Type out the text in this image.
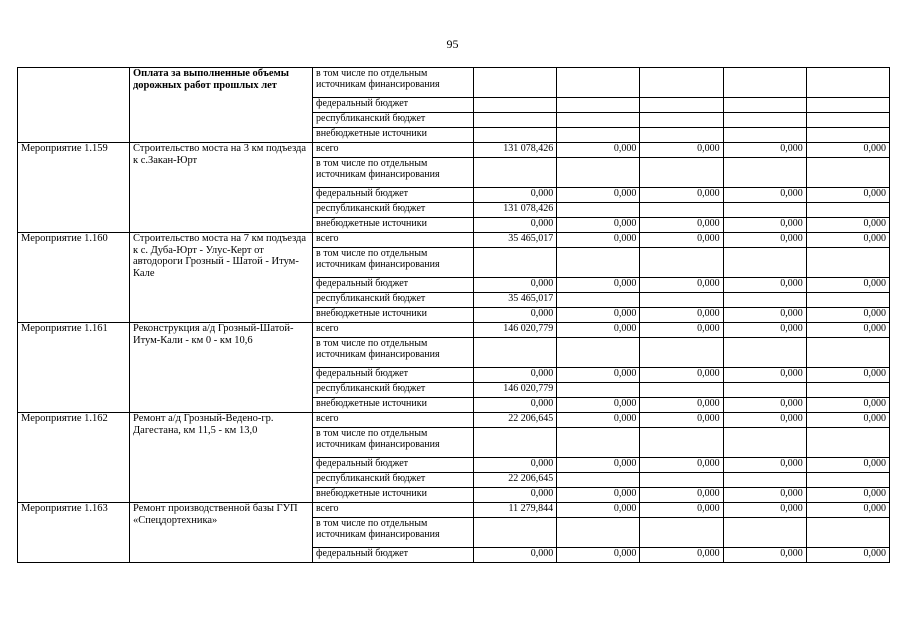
95
	Оплата за выполненные объемы дорожных работ прошлых лет	в том числе по отдельным источникам финансирования					
		федеральный бюджет					
		республиканский бюджет					
		внебюджетные источники					
Мероприятие 1.159	Строительство моста на 3 км подъезда к с.Закан-Юрт	всего	131 078,426	0,000	0,000	0,000	0,000
		в том числе по отдельным источникам финансирования					
		федеральный бюджет	0,000	0,000	0,000	0,000	0,000
		республиканский бюджет	131 078,426				
		внебюджетные источники	0,000	0,000	0,000	0,000	0,000
Мероприятие 1.160	Строительство моста на 7 км подъезда к с. Дуба-Юрт - Улус-Керт от автодороги Грозный - Шатой - Итум-Кале	всего	35 465,017	0,000	0,000	0,000	0,000
		в том числе по отдельным источникам финансирования					
		федеральный бюджет	0,000	0,000	0,000	0,000	0,000
		республиканский бюджет	35 465,017				
		внебюджетные источники	0,000	0,000	0,000	0,000	0,000
Мероприятие 1.161	Реконструкция а/д Грозный-Шатой-Итум-Кали - км 0 - км 10,6	всего	146 020,779	0,000	0,000	0,000	0,000
		в том числе по отдельным источникам финансирования					
		федеральный бюджет	0,000	0,000	0,000	0,000	0,000
		республиканский бюджет	146 020,779				
		внебюджетные источники	0,000	0,000	0,000	0,000	0,000
Мероприятие 1.162	Ремонт а/д Грозный-Ведено-гр. Дагестана, км 11,5 - км 13,0	всего	22 206,645	0,000	0,000	0,000	0,000
		в том числе по отдельным источникам финансирования					
		федеральный бюджет	0,000	0,000	0,000	0,000	0,000
		республиканский бюджет	22 206,645				
		внебюджетные источники	0,000	0,000	0,000	0,000	0,000
Мероприятие 1.163	Ремонт производственной базы ГУП «Спецдортехника»	всего	11 279,844	0,000	0,000	0,000	0,000
		в том числе по отдельным источникам финансирования					
		федеральный бюджет	0,000	0,000	0,000	0,000	0,000
